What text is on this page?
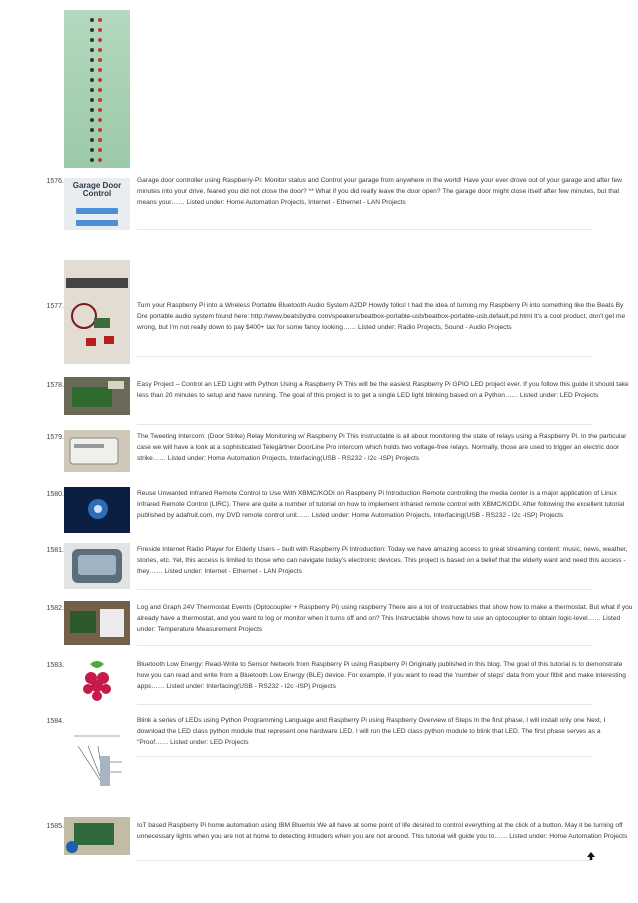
1576.	Garage Door Control
Garage door controller using Raspberry-Pi: Monitor status and Control your garage from anywhere in the world! Have your ever drove out of your garage and after few minutes into your drive, feared you did not close the door? ** What if you did really leave the door open? The garage door might close itself after few minutes, but that means your…… Listed under: Home Automation Projects, Internet - Ethernet - LAN Projects
1577.	Turn your Raspberry Pi into a Wireless Portable Bluetooth Audio System A2DP Howdy folks! I had the idea of turning my Raspberry Pi into something like the Beats By Dre portable audio system found here: http://www.beatsbydre.com/speakers/beatbox-portable-usb/beatbox-portable-usb,default,pd.html It's a cool product, don't get me wrong, but I'm not really down to pay $400+ tax for some fancy looking…… Listed under: Radio Projects, Sound - Audio Projects
1578.	Easy Project – Control an LED Light with Python Using a Raspberry Pi This will be the easiest Raspberry Pi GPIO LED project ever. If you follow this guide it should take less than 20 minutes to setup and have running. The goal of this project is to get a single LED light blinking based on a Python…… Listed under: LED Projects
1579.	The Tweeting Intercom: (Door Strike) Relay Monitoring w/ Raspberry Pi This instructable is all about monitoring the state of relays using a Raspberry Pi. In the particular case we will have a look at a sophisticated Telegärtner DoorLine Pro intercom which holds two voltage-free relays. Normally, those are used to trigger an electric door strike…… Listed under: Home Automation Projects, Interfacing(USB - RS232 - I2c -ISP) Projects
1580.	Reuse Unwanted Infrared Remote Control to Use With XBMC/KODI on Raspberry Pi Introduction Remote controlling the media center is a major application of Linux Infrared Remote Control (LIRC). There are quite a number of tutorial on how to implement infrared remote control with XBMC/KODI. After following the excellent tutorial published by adafruit.com, my DVD remote control unit…… Listed under: Home Automation Projects, Interfacing(USB - RS232 - I2c -ISP) Projects
1581.	Fireside Internet Radio Player for Elderly Users – built with Raspberry Pi Introduction: Today we have amazing access to great streaming content: music, news, weather, stories, etc. Yet, this access is limited to those who can navigate today's electronic devices. This project is based on a belief that the elderly want and need this access - they…… Listed under: Internet - Ethernet - LAN Projects
1582.	Log and Graph 24V Thermostat Events (Optocoupler + Raspberry Pi) using raspberry There are a lot of Instructables that show how to make a thermostat. But what if you already have a thermostat, and you want to log or monitor when it turns off and on? This Instructable shows how to use an optocoupler to obtain logic-level…… Listed under: Temperature Measurement Projects
1583.	Bluetooth Low Energy: Read-Write to Sensor Network from Raspberry Pi using Raspberry Pi Originally published in this blog. The goal of this tutorial is to demonstrate how you can read and write from a Bluetooth Low Energy (BLE) device. For example, if you want to read the 'number of steps' data from your fitbit and make interesting apps…… Listed under: Interfacing(USB - RS232 - I2c -ISP) Projects
1584.	Blink a series of LEDs using Python Programming Language and Raspberry Pi using Raspberry Overview of Steps In the first phase, I will install only one Next, I download the LED class python module that represent one hardware LED. I will run the LED class python module to blink that LED. The first phase serves as a "Proof…… Listed under: LED Projects
1585.	IoT based Raspberry Pi home automation using IBM Bluemix We all have at some point of life desired to control everything at the click of a button. May it be turning off unnecessary lights when you are not at home to detecting intruders when you are not around. This tutorial will guide you to…… Listed under: Home Automation Projects
